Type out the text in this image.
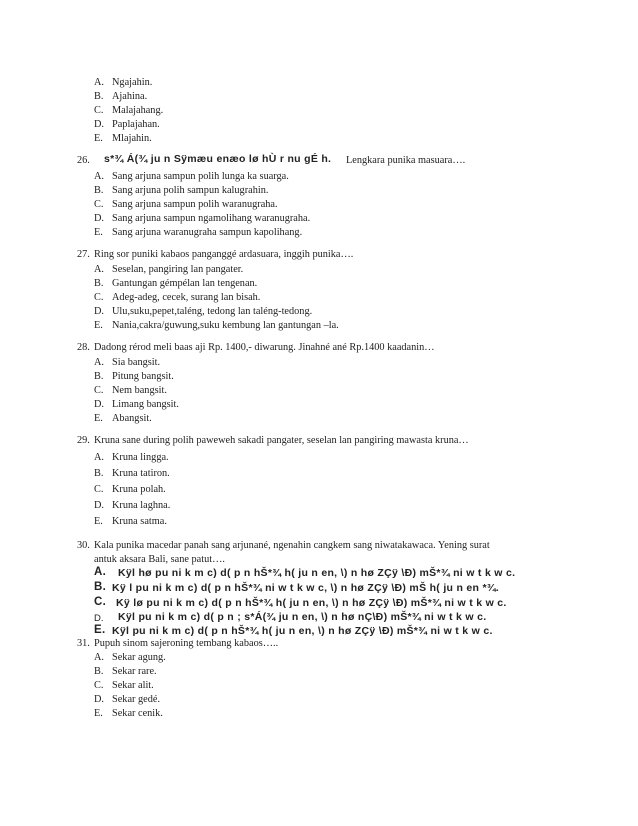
A. Ngajahin.
B. Ajahina.
C. Malajahang.
D. Paplajahan.
E. Mlajahin.
26. s*¾ Á(¾ ju n Sÿmæu enæo lø hÙ r nu gÉ h. Lengkara punika masuara….
A. Sang arjuna sampun polih lunga ka suarga.
B. Sang arjuna polih sampun kalugrahin.
C. Sang arjuna sampun polih waranugraha.
D. Sang arjuna sampun ngamolihang waranugraha.
E. Sang arjuna waranugraha sampun kapolihang.
27. Ring sor puniki kabaos panganggé ardasuara, inggih punika….
A. Seselan, pangiring lan pangater.
B. Gantungan gémpélan lan tengenan.
C. Adeg-adeg, cecek, surang lan bisah.
D. Ulu,suku,pepet,taléng, tedong lan taléng-tedong.
E. Nania,cakra/guwung,suku kembung lan gantungan –la.
28. Dadong rérod meli baas aji Rp. 1400,- diwarung. Jinahné ané Rp.1400 kaadanin…
A. Sia bangsit.
B. Pitung bangsit.
C. Nem bangsit.
D. Limang bangsit.
E. Abangsit.
29. Kruna sane during polih paweweh sakadi pangater, seselan lan pangiring mawasta kruna…
A. Kruna lingga.
B. Kruna tatiron.
C. Kruna polah.
D. Kruna laghna.
E. Kruna satma.
30. Kala punika macedar panah sang arjunané, ngenahin cangkem sang niwatakawaca. Yening surat
antuk aksara Bali, sane patut….
A. Kÿl hø pu ni k m c) d( p n hŠ*¾ h( ju n en, \) n hø ZÇÿ \Ð) mŠ*¾ ni w t k w c.
B. Kÿ l pu ni k m c) d( p n hŠ*¾ ni w t k w c, \) n hø ZÇÿ \Ð) mŠ h( ju n en *¾.
C. Kÿ lø pu ni k m c) d( p n hŠ*¾ h( ju n en, \) n hø ZÇÿ \Ð) mŠ*¾ ni w t k w c.
D. Kÿl pu ni k m c) d( p n ; s*Á(¾ ju n en, \) n hø nÇ\Ð) mŠ*¾ ni w t k w c.
E. Kÿl pu ni k m c) d( p n hŠ*¾ h( ju n en, \) n hø ZÇÿ \Ð) mŠ*¾ ni w t k w c.
31. Pupuh sinom sajeroning tembang kabaos…..
A. Sekar agung.
B. Sekar rare.
C. Sekar alit.
D. Sekar gedé.
E. Sekar cenik.
